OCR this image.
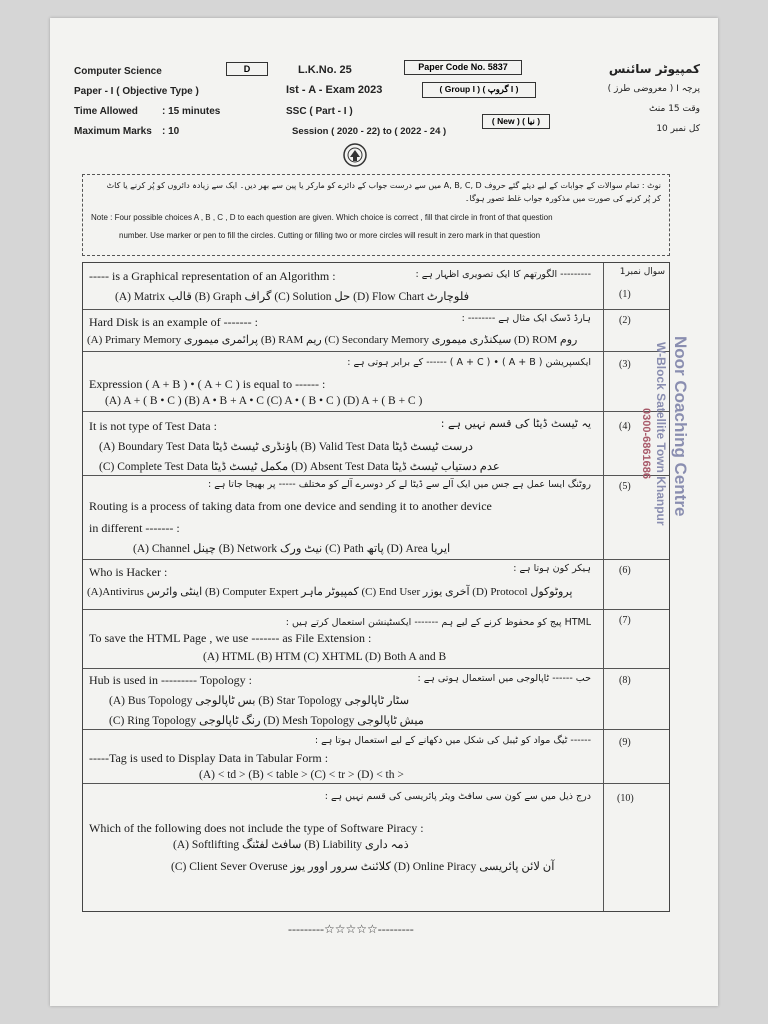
Computer Science
Paper - I ( Objective Type )
Time Allowed : 15 minutes
Maximum Marks : 10
D	L.K.No. 25
Ist - A - Exam 2023
SSC ( Part - I )
Session ( 2020 - 22) to ( 2022 - 24 )
Paper Code No. 5837
( Group I ) ( گروپ I )
( New ) ( نیا )
کمپیوٹر سائنس
پرچہ I ( معروضی طرز )
وقت 15 منٹ
کل نمبر 10
نوٹ : تمام سوالات کے جوابات کے لیے دیئے گئے حروف A, B, C, D میں سے درست جواب کے دائرے کو مارکر یا پین سے بھر دیں۔ ایک سے زیادہ دائروں کو پُر کرنے یا کاٹ کر پُر کرنے کی صورت میں مذکورہ جواب غلط تصور ہوگا۔
Note : Four possible choices A , B , C , D to each question are given. Which choice is correct , fill that circle in front of that question
number. Use marker or pen to fill the circles. Cutting or filling two or more circles will result in zero mark in that question
سوال نمبر1
----- is a Graphical representation of an Algorithm :	--------- الگورتھم کا ایک تصویری اظہار ہے :
(A) Matrix قالب (B) Graph گراف (C) Solution حل (D) Flow Chart فلوچارٹ	(1)
Hard Disk is an example of ------- :	ہارڈ ڈسک ایک مثال ہے -------- :
(A) Primary Memory پرائمری میموری (B) RAM ریم (C) Secondary Memory سیکنڈری میموری (D) ROM روم
(2)
ایکسپریشن ( A + B ) • ( A + C ) ------ کے برابر ہوتی ہے :
Expression ( A + B ) • ( A + C ) is equal to ------ :
(A) A + ( B • C ) (B) A • B + A • C (C) A • ( B • C ) (D) A + ( B + C )
(3)
It is not type of Test Data :	یہ ٹیسٹ ڈیٹا کی قسم نہیں ہے :
(A) Boundary Test Data باؤنڈری ٹیسٹ ڈیٹا (B) Valid Test Data درست ٹیسٹ ڈیٹا
(C) Complete Test Data مکمل ٹیسٹ ڈیٹا (D) Absent Test Data عدم دستیاب ٹیسٹ ڈیٹا
(4)
روٹنگ ایسا عمل ہے جس میں ایک آلے سے ڈیٹا لے کر دوسرے آلے کو مختلف ----- پر بھیجا جاتا ہے :
Routing is a process of taking data from one device and sending it to another device
in different ------- :
(A) Channel چینل (B) Network نیٹ ورک (C) Path پاتھ (D) Area ایریا
(5)
ہیکر کون ہوتا ہے :
Who is Hacker :
(A)Antivirus اینٹی وائرس (B) Computer Expert کمپیوٹر ماہر (C) End User آخری یوزر (D) Protocol پروٹوکول
(6)
HTML پیج کو محفوظ کرنے کے لیے ہم ------- ایکسٹینشن استعمال کرتے ہیں :
To save the HTML Page , we use ------- as File Extension :
(A) HTML (B) HTM (C) XHTML (D) Both A and B
(7)
Hub is used in --------- Topology :	حب ------ ٹاپالوجی میں استعمال ہوتی ہے :
(A) Bus Topology بس ٹاپالوجی (B) Star Topology سٹار ٹاپالوجی
(C) Ring Topology رنگ ٹاپالوجی (D) Mesh Topology میش ٹاپالوجی
(8)
------ ٹیگ مواد کو ٹیبل کی شکل میں دکھانے کے لیے استعمال ہوتا ہے :
-----Tag is used to Display Data in Tabular Form :
(A) < td > (B) < table > (C) < tr > (D) < th >
(9)
درج ذیل میں سے کون سی سافٹ ویئر پائریسی کی قسم نہیں ہے :
Which of the following does not include the type of Software Piracy :
(A) Softlifting سافٹ لفٹنگ (B) Liability ذمہ داری
(C) Client Sever Overuse کلائنٹ سرور اوور یوز (D) Online Piracy آن لائن پائریسی
(10)
---------☆☆☆☆☆---------
Noor Coaching Centre
W-Block Satellite Town Khanpur
0300-6861686
